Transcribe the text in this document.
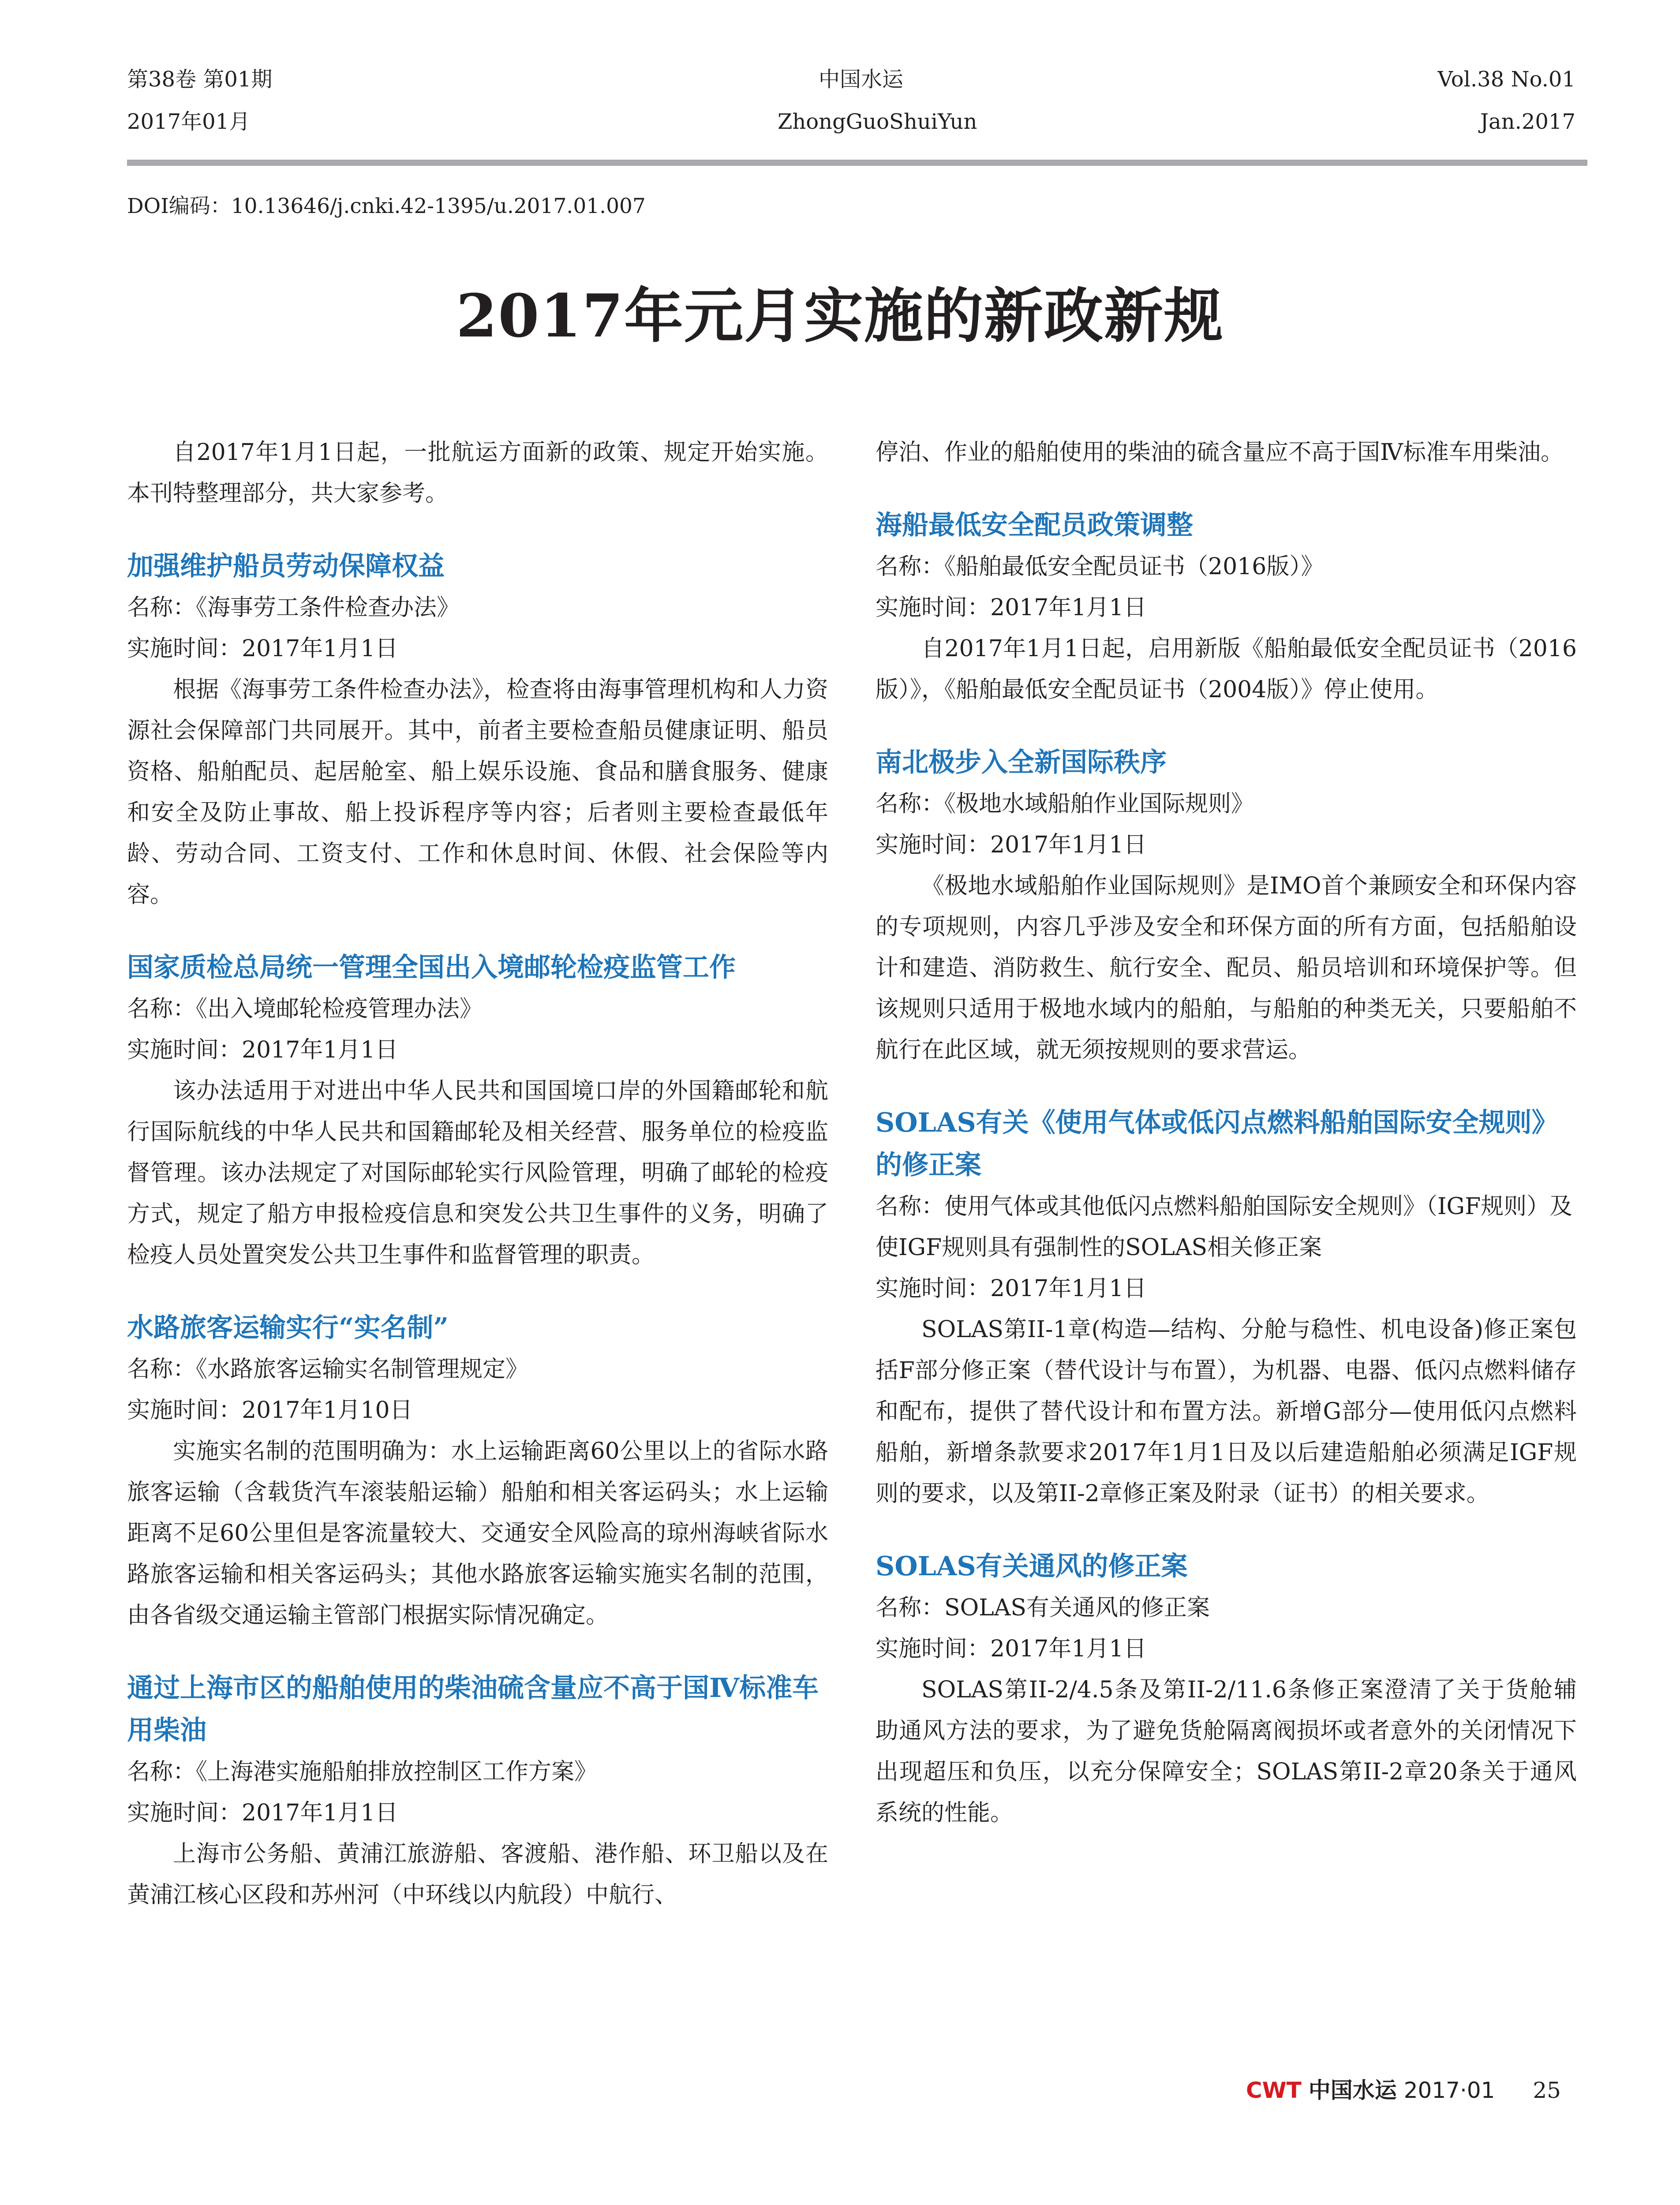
第38卷 第01期
2017年01月
中国水运
ZhongGuoShuiYun
Vol.38 No.01
Jan.2017
DOI编码：10.13646/j.cnki.42-1395/u.2017.01.007
2017年元月实施的新政新规

自2017年1月1日起，一批航运方面新的政策、规定开始实施。本刊特整理部分，共大家参考。

加强维护船员劳动保障权益

名称：《海事劳工条件检查办法》

实施时间：2017年1月1日

根据《海事劳工条件检查办法》，检查将由海事管理机构和人力资源社会保障部门共同展开。其中，前者主要检查船员健康证明、船员资格、船舶配员、起居舱室、船上娱乐设施、食品和膳食服务、健康和安全及防止事故、船上投诉程序等内容；后者则主要检查最低年龄、劳动合同、工资支付、工作和休息时间、休假、社会保险等内容。

国家质检总局统一管理全国出入境邮轮检疫监管工作

名称：《出入境邮轮检疫管理办法》

实施时间：2017年1月1日

该办法适用于对进出中华人民共和国国境口岸的外国籍邮轮和航行国际航线的中华人民共和国籍邮轮及相关经营、服务单位的检疫监督管理。该办法规定了对国际邮轮实行风险管理，明确了邮轮的检疫方式，规定了船方申报检疫信息和突发公共卫生事件的义务，明确了检疫人员处置突发公共卫生事件和监督管理的职责。

水路旅客运输实行“实名制”

名称：《水路旅客运输实名制管理规定》

实施时间：2017年1月10日

实施实名制的范围明确为：水上运输距离60公里以上的省际水路旅客运输（含载货汽车滚装船运输）船舶和相关客运码头；水上运输距离不足60公里但是客流量较大、交通安全风险高的琼州海峡省际水路旅客运输和相关客运码头；其他水路旅客运输实施实名制的范围，由各省级交通运输主管部门根据实际情况确定。

通过上海市区的船舶使用的柴油硫含量应不高于国Ⅳ标准车用柴油

名称：《上海港实施船舶排放控制区工作方案》

实施时间：2017年1月1日

上海市公务船、黄浦江旅游船、客渡船、港作船、环卫船以及在黄浦江核心区段和苏州河（中环线以内航段）中航行、

停泊、作业的船舶使用的柴油的硫含量应不高于国Ⅳ标准车用柴油。

海船最低安全配员政策调整

名称：《船舶最低安全配员证书（2016版）》

实施时间：2017年1月1日

自2017年1月1日起，启用新版《船舶最低安全配员证书（2016版）》，《船舶最低安全配员证书（2004版）》停止使用。

南北极步入全新国际秩序

名称：《极地水域船舶作业国际规则》

实施时间：2017年1月1日

《极地水域船舶作业国际规则》是IMO首个兼顾安全和环保内容的专项规则，内容几乎涉及安全和环保方面的所有方面，包括船舶设计和建造、消防救生、航行安全、配员、船员培训和环境保护等。但该规则只适用于极地水域内的船舶，与船舶的种类无关，只要船舶不航行在此区域，就无须按规则的要求营运。

SOLAS有关《使用气体或低闪点燃料船舶国际安全规则》的修正案

名称：使用气体或其他低闪点燃料船舶国际安全规则》（IGF规则）及使IGF规则具有强制性的SOLAS相关修正案

实施时间：2017年1月1日

SOLAS第II-1章(构造—结构、分舱与稳性、机电设备)修正案包括F部分修正案（替代设计与布置），为机器、电器、低闪点燃料储存和配布，提供了替代设计和布置方法。新增G部分—使用低闪点燃料船舶，新增条款要求2017年1月1日及以后建造船舶必须满足IGF规则的要求，以及第II-2章修正案及附录（证书）的相关要求。

SOLAS有关通风的修正案

名称：SOLAS有关通风的修正案

实施时间：2017年1月1日

SOLAS第II-2/4.5条及第II-2/11.6条修正案澄清了关于货舱辅助通风方法的要求，为了避免货舱隔离阀损坏或者意外的关闭情况下出现超压和负压，以充分保障安全；SOLAS第II-2章20条关于通风系统的性能。

CWT 中国水运 2017·01 25
